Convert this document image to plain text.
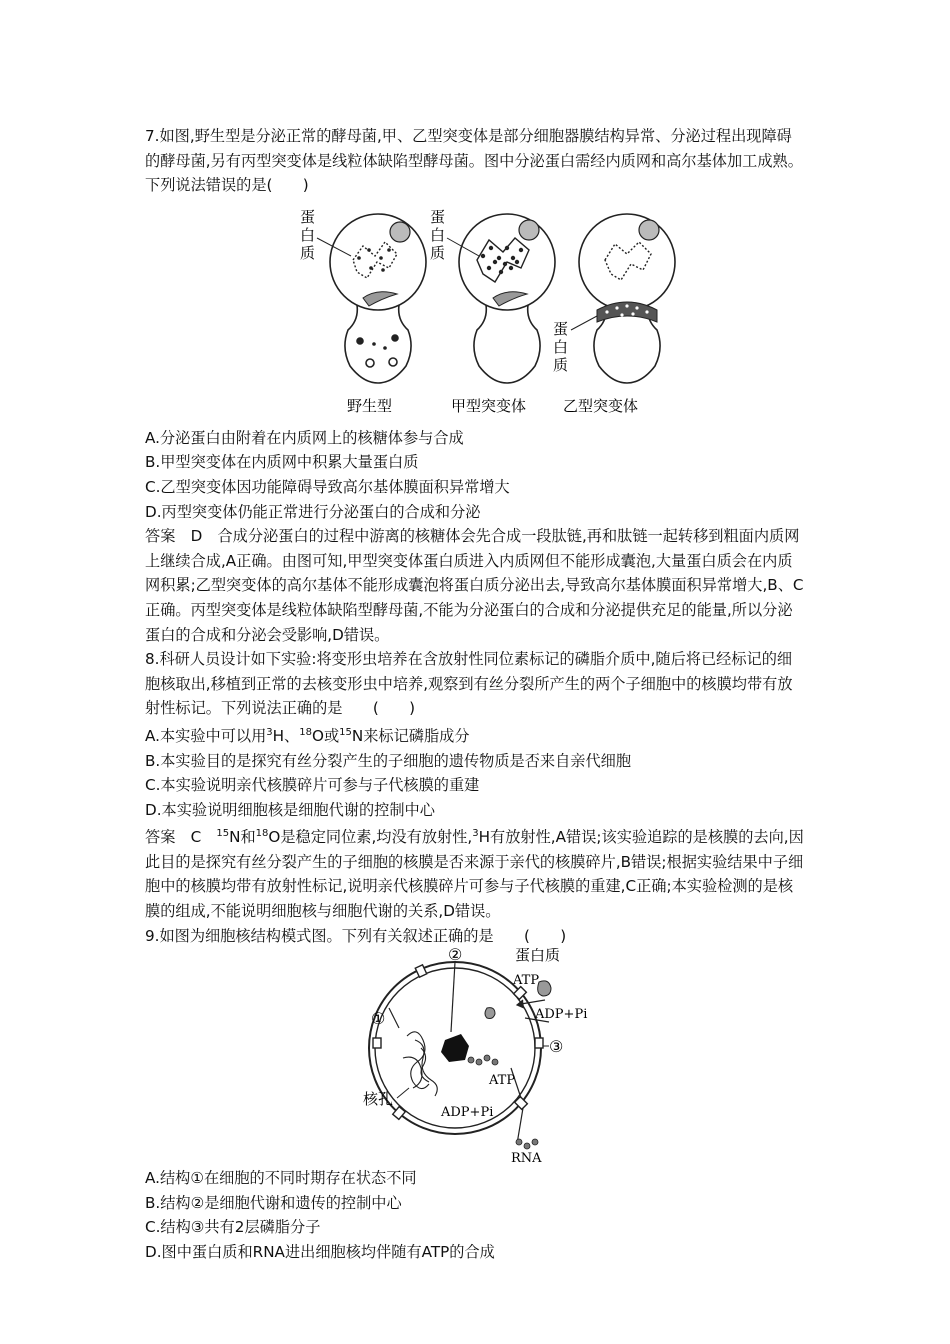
7.如图,野生型是分泌正常的酵母菌,甲、乙型突变体是部分细胞器膜结构异常、分泌过程出现障碍的酵母菌,另有丙型突变体是线粒体缺陷型酵母菌。图中分泌蛋白需经内质网和高尔基体加工成熟。下列说法错误的是(　　)

蛋
白
质
蛋
白
质
蛋
白
质
野生型	甲型突变体 乙型突变体

A.分泌蛋白由附着在内质网上的核糖体参与合成

B.甲型突变体在内质网中积累大量蛋白质

C.乙型突变体因功能障碍导致高尔基体膜面积异常增大

D.丙型突变体仍能正常进行分泌蛋白的合成和分泌

答案　D　合成分泌蛋白的过程中游离的核糖体会先合成一段肽链,再和肽链一起转移到粗面内质网上继续合成,A正确。由图可知,甲型突变体蛋白质进入内质网但不能形成囊泡,大量蛋白质会在内质网积累;乙型突变体的高尔基体不能形成囊泡将蛋白质分泌出去,导致高尔基体膜面积异常增大,B、C正确。丙型突变体是线粒体缺陷型酵母菌,不能为分泌蛋白的合成和分泌提供充足的能量,所以分泌蛋白的合成和分泌会受影响,D错误。

8.科研人员设计如下实验:将变形虫培养在含放射性同位素标记的磷脂介质中,随后将已经标记的细胞核取出,移植到正常的去核变形虫中培养,观察到有丝分裂所产生的两个子细胞中的核膜均带有放射性标记。下列说法正确的是　　(　　)

A.本实验中可以用$^3$H、$^{18}$O或$^{15}$N来标记磷脂成分

B.本实验目的是探究有丝分裂产生的子细胞的遗传物质是否来自亲代细胞

C.本实验说明亲代核膜碎片可参与子代核膜的重建

D.本实验说明细胞核是细胞代谢的控制中心

答案　C　$^{15}$N和$^{18}$O是稳定同位素,均没有放射性,$^3$H有放射性,A错误;该实验追踪的是核膜的去向,因此目的是探究有丝分裂产生的子细胞的核膜是否来源于亲代的核膜碎片,B错误;根据实验结果中子细胞中的核膜均带有放射性标记,说明亲代核膜碎片可参与子代核膜的重建,C正确;本实验检测的是核膜的组成,不能说明细胞核与细胞代谢的关系,D错误。

9.如图为细胞核结构模式图。下列有关叙述正确的是　　(　　)

②
①
③
蛋白质
ATP
ADP+Pi
ATP
ADP+Pi
核孔
RNA

A.结构①在细胞的不同时期存在状态不同

B.结构②是细胞代谢和遗传的控制中心

C.结构③共有2层磷脂分子

D.图中蛋白质和RNA进出细胞核均伴随有ATP的合成
